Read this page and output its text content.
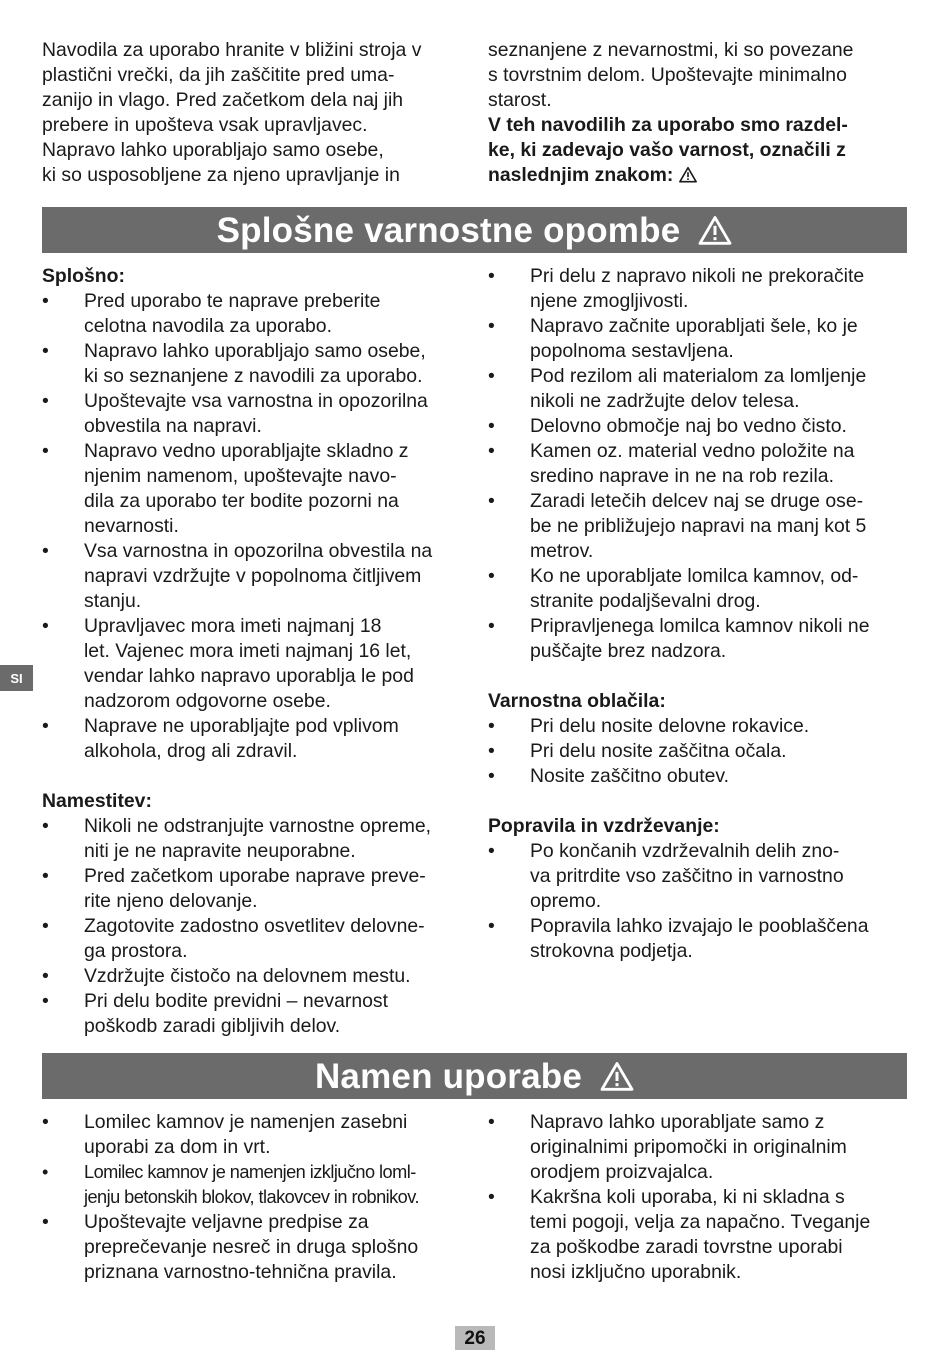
Navodila za uporabo hranite v bližini stroja v
plastični vrečki, da jih zaščitite pred uma-
zanijo in vlago. Pred začetkom dela naj jih
prebere in upošteva vsak upravljavec.
Napravo lahko uporabljajo samo osebe,
ki so usposobljene za njeno upravljanje in
seznanjene z nevarnostmi, ki so povezane
s tovrstnim delom. Upoštevajte minimalno
starost.
V teh navodilih za uporabo smo razdel-
ke, ki zadevajo vašo varnost, označili z
naslednjim znakom:
Splošne varnostne opombe
Splošno:
• Pred uporabo te naprave preberite
celotna navodila za uporabo.
• Napravo lahko uporabljajo samo osebe,
ki so seznanjene z navodili za uporabo.
• Upoštevajte vsa varnostna in opozorilna
obvestila na napravi.
• Napravo vedno uporabljajte skladno z
njenim namenom, upoštevajte navo-
dila za uporabo ter bodite pozorni na
nevarnosti.
• Vsa varnostna in opozorilna obvestila na
napravi vzdržujte v popolnoma čitljivem
stanju.
• Upravljavec mora imeti najmanj 18
let. Vajenec mora imeti najmanj 16 let,
vendar lahko napravo uporablja le pod
nadzorom odgovorne osebe.
• Naprave ne uporabljajte pod vplivom
alkohola, drog ali zdravil.
Namestitev:
• Nikoli ne odstranjujte varnostne opreme,
niti je ne napravite neuporabne.
• Pred začetkom uporabe naprave preve-
rite njeno delovanje.
• Zagotovite zadostno osvetlitev delovne-
ga prostora.
• Vzdržujte čistočo na delovnem mestu.
• Pri delu bodite previdni – nevarnost
poškodb zaradi gibljivih delov.
• Pri delu z napravo nikoli ne prekoračite
njene zmogljivosti.
• Napravo začnite uporabljati šele, ko je
popolnoma sestavljena.
• Pod rezilom ali materialom za lomljenje
nikoli ne zadržujte delov telesa.
• Delovno območje naj bo vedno čisto.
• Kamen oz. material vedno položite na
sredino naprave in ne na rob rezila.
• Zaradi letečih delcev naj se druge ose-
be ne približujejo napravi na manj kot 5
metrov.
• Ko ne uporabljate lomilca kamnov, od-
stranite podaljševalni drog.
• Pripravljenega lomilca kamnov nikoli ne
puščajte brez nadzora.
Varnostna oblačila:
• Pri delu nosite delovne rokavice.
• Pri delu nosite zaščitna očala.
• Nosite zaščitno obutev.
Popravila in vzdrževanje:
• Po končanih vzdrževalnih delih zno-
va pritrdite vso zaščitno in varnostno
opremo.
• Popravila lahko izvajajo le pooblaščena
strokovna podjetja.
SI
Namen uporabe
• Lomilec kamnov je namenjen zasebni
uporabi za dom in vrt.
• Lomilec kamnov je namenjen izključno loml-
jenju betonskih blokov, tlakovcev in robnikov.
• Upoštevajte veljavne predpise za
preprečevanje nesreč in druga splošno
priznana varnostno-tehnična pravila.
• Napravo lahko uporabljate samo z
originalnimi pripomočki in originalnim
orodjem proizvajalca.
• Kakršna koli uporaba, ki ni skladna s
temi pogoji, velja za napačno. Tveganje
za poškodbe zaradi tovrstne uporabi
nosi izključno uporabnik.
26
